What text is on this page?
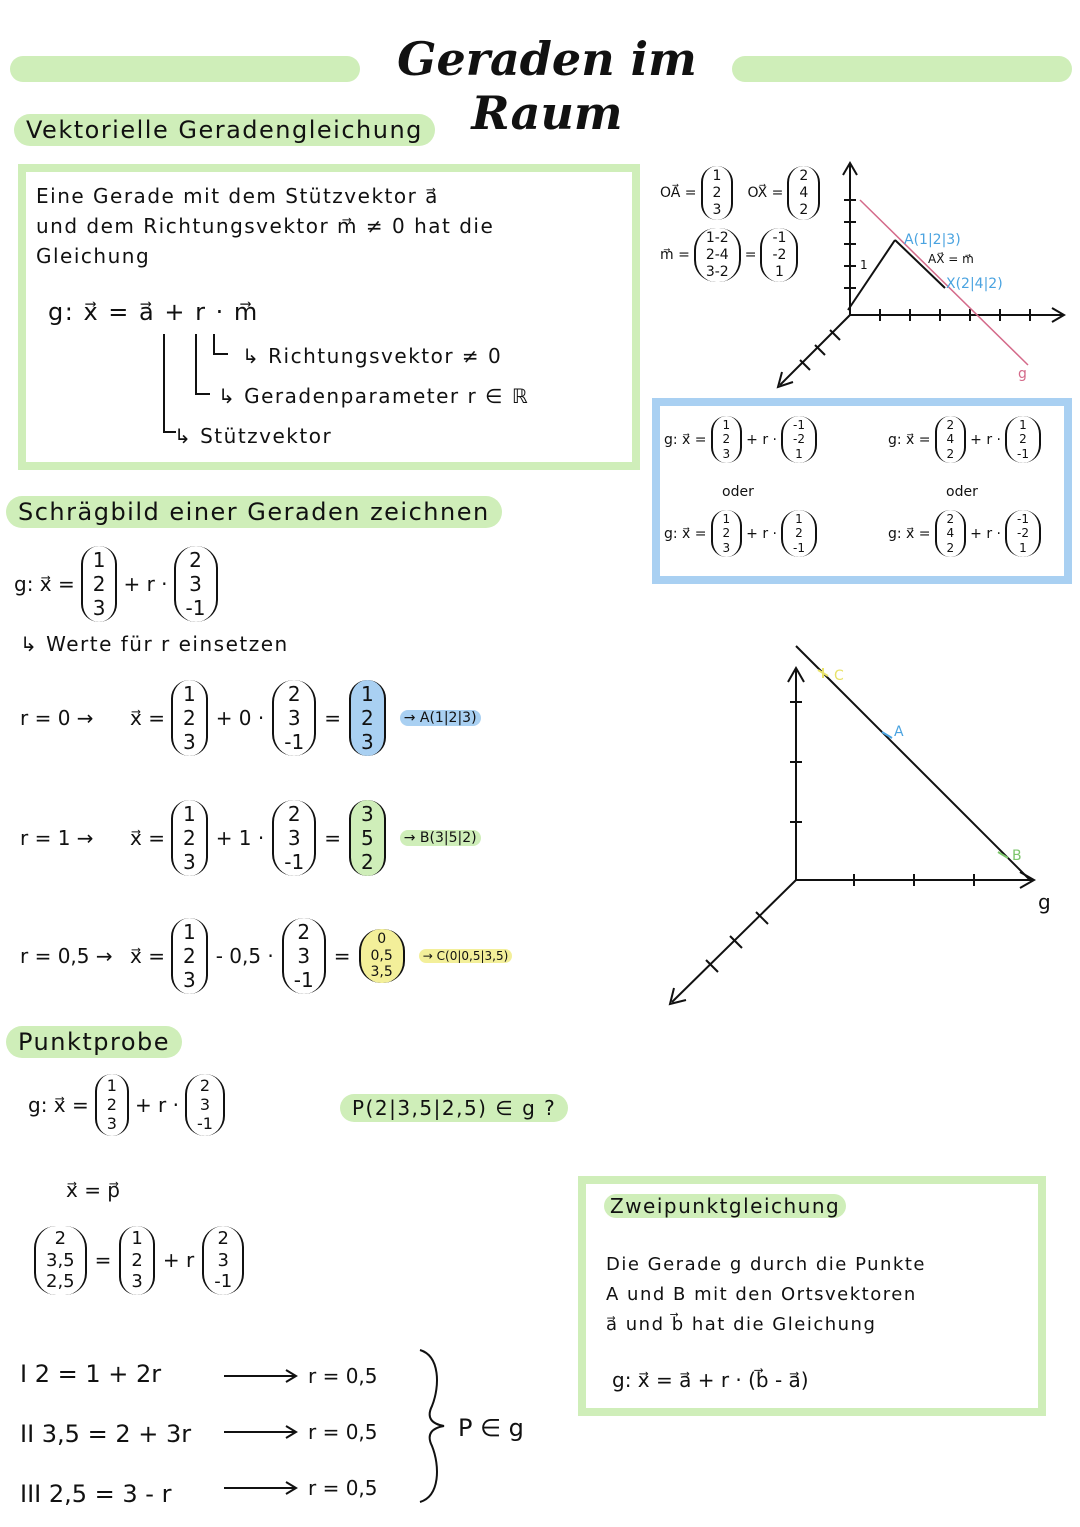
Geraden im Raum
Vektorielle Geradengleichung
Eine Gerade mit dem Stützvektor a⃗
und dem Richtungsvektor m⃗ ≠ 0 hat die
Gleichung
g: x⃗ = a⃗ + r · m⃗
↳ Richtungsvektor ≠ 0
↳ Geradenparameter r ∈ ℝ
↳ Stützvektor
OA⃗ =
1
2
3
OX⃗ =
2
4
2
m⃗ =
1-2
2-4
3-2
=
-1
-2
1
A(1|2|3)
AX⃗ = m⃗
X(2|4|2)
g
1
g: x⃗ =
1
2
3
+ r ·
-1
-2
1
g: x⃗ =
2
4
2
+ r ·
1
2
-1
oder	oder
g: x⃗ =
1
2
3
+ r ·
1
2
-1
g: x⃗ =
2
4
2
+ r ·
-1
-2
1
Schrägbild einer Geraden zeichnen
g: x⃗ =
1
2
3
+ r ·
2
3
-1
↳ Werte für r einsetzen
r = 0 →	x⃗ =
1
2
3
+ 0 ·
2
3
-1
=
1
2
3
→ A(1|2|3)
r = 1 →	x⃗ =
1
2
3
+ 1 ·
2
3
-1
=
3
5
2
→ B(3|5|2)
r = 0,5 → x⃗ =
1
2
3
- 0,5 ·
2
3
-1
=
0
0,5
3,5
→ C(0|0,5|3,5)
C
A
B
g
Punktprobe
g: x⃗ =
1
2
3
+ r ·
2
3
-1
P(2|3,5|2,5) ∈ g ?
x⃗ = p⃗
2
3,5
2,5
=
1
2
3
+ r
2
3
-1
I 2 = 1 + 2r
II 3,5 = 2 + 3r
III 2,5 = 3 - r
r = 0,5
r = 0,5
r = 0,5
P ∈ g
Zweipunktgleichung
Die Gerade g durch die Punkte
A und B mit den Ortsvektoren
a⃗ und b⃗ hat die Gleichung
g: x⃗ = a⃗ + r · (b⃗ - a⃗)
